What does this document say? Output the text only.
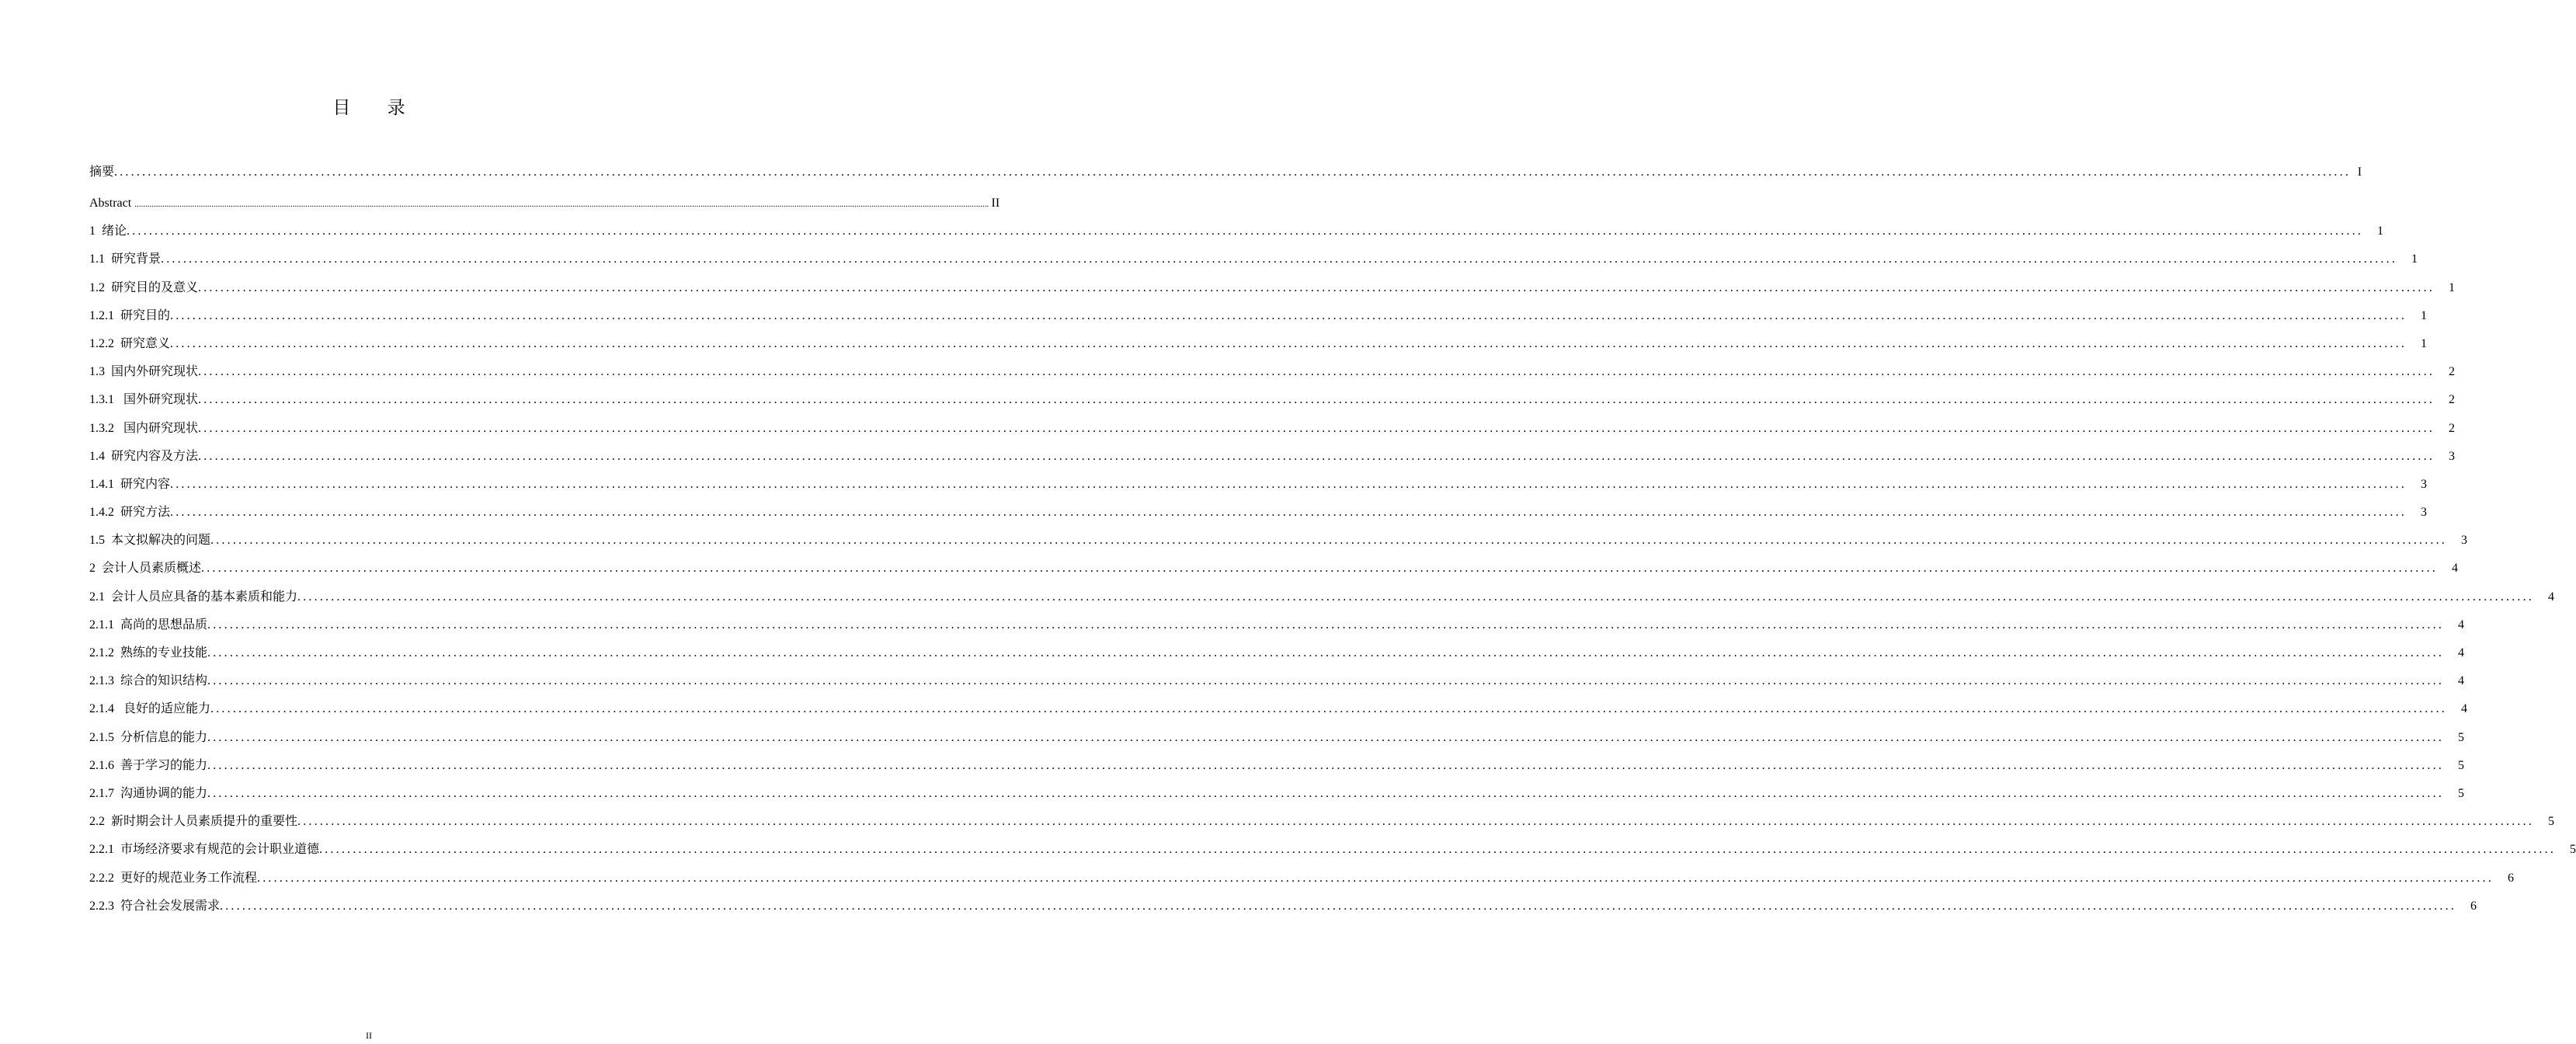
目 录
摘要 ................................................................................................................................................................................................................................................................................................................................................................................................................ I
Abstract ................................................................................................................................................................................................................................................................................................................................................................................................................ II
1  绪论 ................................................................................................................................................................................................................................................................................................................................................................................................................ 1
1.1  研究背景 ................................................................................................................................................................................................................................................................................................................................................................................................................ 1
1.2  研究目的及意义 ................................................................................................................................................................................................................................................................................................................................................................................................................ 1
1.2.1  研究目的 ................................................................................................................................................................................................................................................................................................................................................................................................................ 1
1.2.2  研究意义 ................................................................................................................................................................................................................................................................................................................................................................................................................ 1
1.3  国内外研究现状 ................................................................................................................................................................................................................................................................................................................................................................................................................ 2
1.3.1   国外研究现状 ................................................................................................................................................................................................................................................................................................................................................................................................................ 2
1.3.2   国内研究现状 ................................................................................................................................................................................................................................................................................................................................................................................................................ 2
1.4  研究内容及方法 ................................................................................................................................................................................................................................................................................................................................................................................................................ 3
1.4.1  研究内容 ................................................................................................................................................................................................................................................................................................................................................................................................................ 3
1.4.2  研究方法 ................................................................................................................................................................................................................................................................................................................................................................................................................ 3
1.5  本文拟解决的问题 ................................................................................................................................................................................................................................................................................................................................................................................................................ 3
2  会计人员素质概述 ................................................................................................................................................................................................................................................................................................................................................................................................................ 4
2.1  会计人员应具备的基本素质和能力 ................................................................................................................................................................................................................................................................................................................................................................................................................ 4
2.1.1  高尚的思想品质 ................................................................................................................................................................................................................................................................................................................................................................................................................ 4
2.1.2  熟练的专业技能 ................................................................................................................................................................................................................................................................................................................................................................................................................ 4
2.1.3  综合的知识结构 ................................................................................................................................................................................................................................................................................................................................................................................................................ 4
2.1.4   良好的适应能力 ................................................................................................................................................................................................................................................................................................................................................................................................................ 4
2.1.5  分析信息的能力 ................................................................................................................................................................................................................................................................................................................................................................................................................ 5
2.1.6  善于学习的能力 ................................................................................................................................................................................................................................................................................................................................................................................................................ 5
2.1.7  沟通协调的能力 ................................................................................................................................................................................................................................................................................................................................................................................................................ 5
2.2  新时期会计人员素质提升的重要性 ................................................................................................................................................................................................................................................................................................................................................................................................................ 5
2.2.1  市场经济要求有规范的会计职业道德 ................................................................................................................................................................................................................................................................................................................................................................................................................ 5
2.2.2  更好的规范业务工作流程 ................................................................................................................................................................................................................................................................................................................................................................................................................ 6
2.2.3  符合社会发展需求 ................................................................................................................................................................................................................................................................................................................................................................................................................ 6
II
